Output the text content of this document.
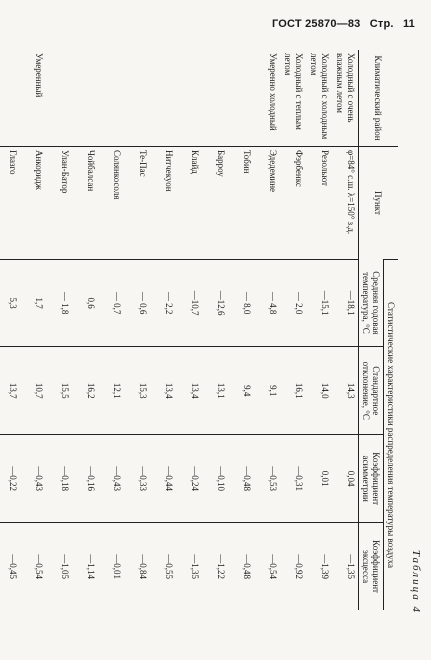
ГОСТ 25870—83 Стр. 11
Таблица 4
Климатический район	Пункт	Статистические характеристики распределения температуры воздуха			
		Средняя годовая температура, °С	Стандартное отклонение, °С	Коэффициент асимметрии	Коэффициент эксцесса
Холодный с очень влажным летом	φ=84° с.ш. λ=150° з.д.	—18,1	14,3	0,04	—1,35
Холодный с холодным летом	Резольют	—15,1	14,0	0,01	—1,39
Холодный с теплым летом	Фэрбенкс	— 2,0	16,1	—0,31	—0,92
Умеренно холодный	Эдедемине	— 4,8	9,1	—0,53	—0,54
	Тобин	— 8,0	9,4	—0,48	—0,48
	Барроу	—12,6	13,1	—0,10	—1,22
	Клайд	—10,7	13,4	—0,24	—1,35
	Нитчекуон	— 2,2	13,4	—0,44	—0,55
	Те-Пас	— 0,6	15,3	—0,33	—0,84
	Солянкосоля	— 0,7	12,1	—0,43	—0,01
	Чойбалсан	0,6	16,2	—0,16	—1,14
	Улан-Батор	— 1,8	15,5	—0,18	—1,05
Умеренный	Анкоридж	1,7	10,7	—0,43	—0,54
	Глазго	5,3	13,7	—0,22	—0,45
